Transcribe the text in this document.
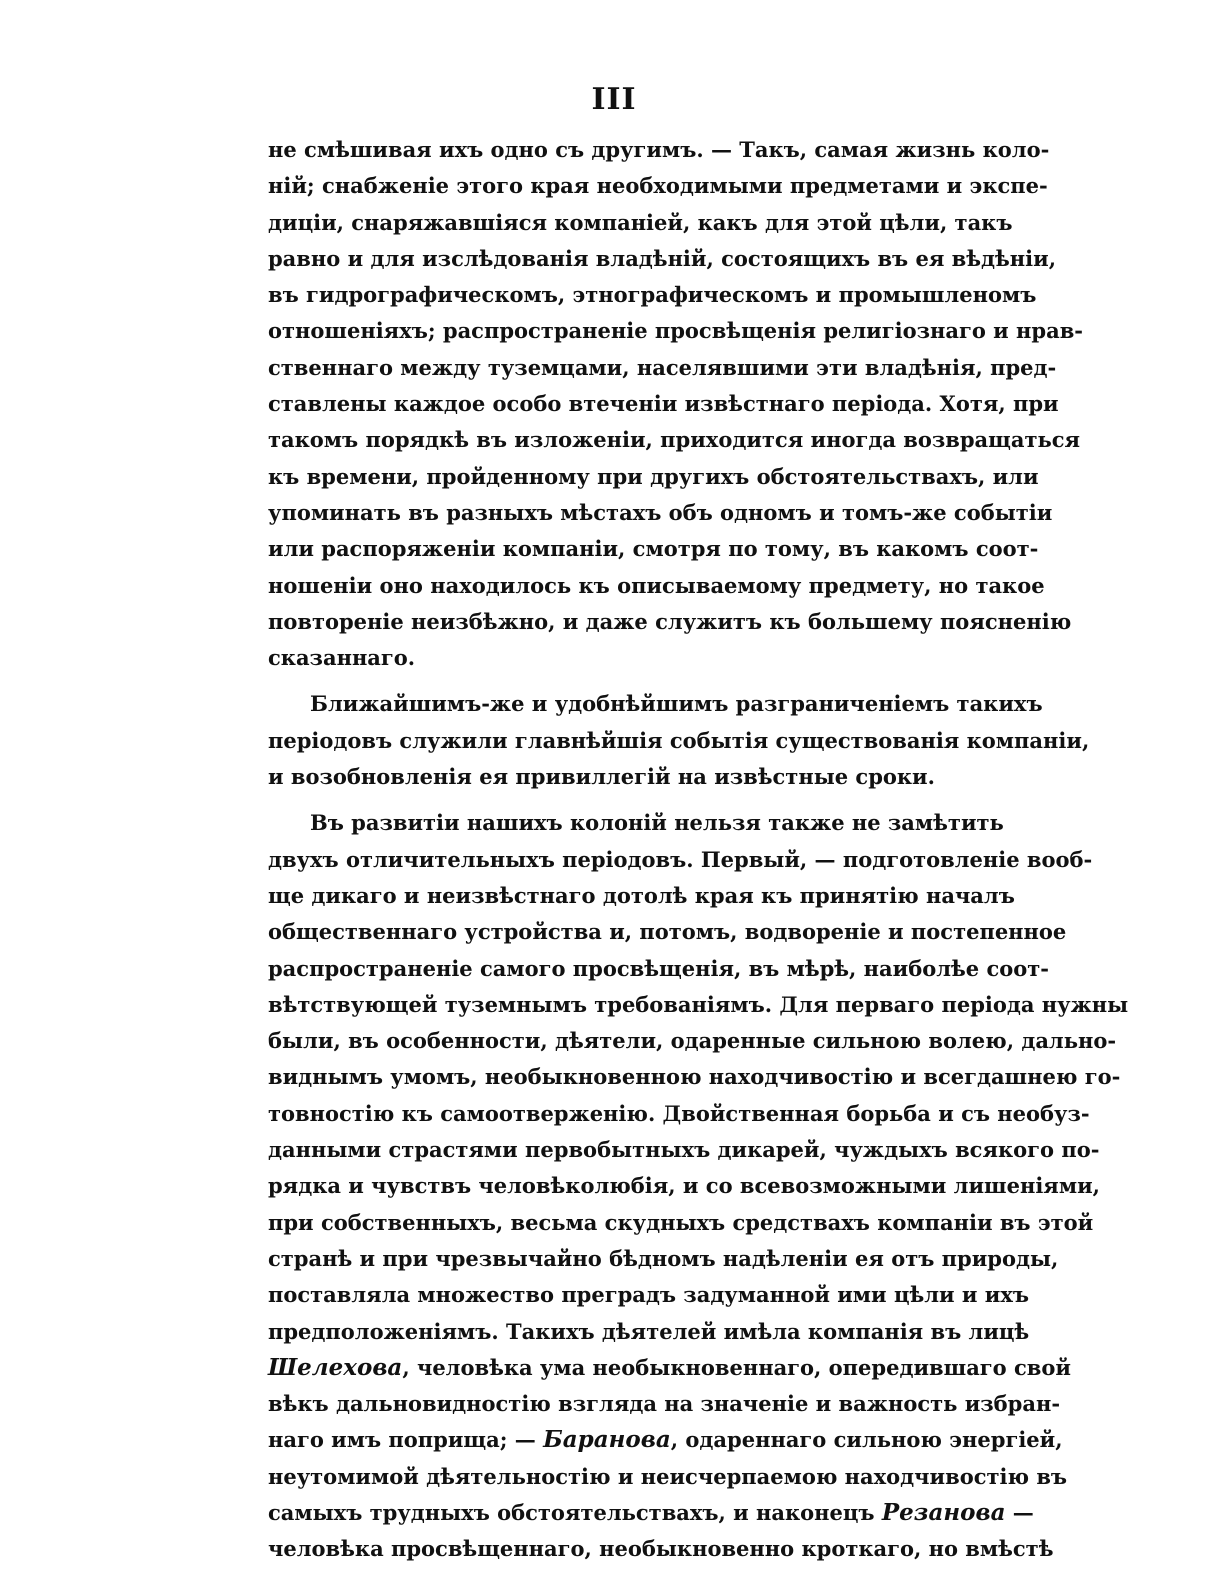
III
не смѣшивая ихъ одно съ другимъ. — Такъ, самая жизнь коло-
ній; снабженіе этого края необходимыми предметами и экспе-
диціи, снаряжавшіяся компаніей, какъ для этой цѣли, такъ
равно и для изслѣдованія владѣній, состоящихъ въ ея вѣдѣніи,
въ гидрографическомъ, этнографическомъ и промышленомъ
отношеніяхъ; распространеніе просвѣщенія религіознаго и нрав-
ственнаго между туземцами, населявшими эти владѣнія, пред-
ставлены каждое особо втеченіи извѣстнаго періода. Хотя, при
такомъ порядкѣ въ изложеніи, приходится иногда возвращаться
къ времени, пройденному при другихъ обстоятельствахъ, или
упоминать въ разныхъ мѣстахъ объ одномъ и томъ-же событіи
или распоряженіи компаніи, смотря по тому, въ какомъ соот-
ношеніи оно находилось къ описываемому предмету, но такое
повтореніе неизбѣжно, и даже служитъ къ большему поясненію
сказаннаго.
Ближайшимъ-же и удобнѣйшимъ разграниченіемъ такихъ
періодовъ служили главнѣйшія событія существованія компаніи,
и возобновленія ея привиллегій на извѣстные сроки.
Въ развитіи нашихъ колоній нельзя также не замѣтить
двухъ отличительныхъ періодовъ. Первый, — подготовленіе вооб-
ще дикаго и неизвѣстнаго дотолѣ края къ принятію началъ
общественнаго устройства и, потомъ, водвореніе и постепенное
распространеніе самого просвѣщенія, въ мѣрѣ, наиболѣе соот-
вѣтствующей туземнымъ требованіямъ. Для перваго періода нужны
были, въ особенности, дѣятели, одаренные сильною волею, дально-
виднымъ умомъ, необыкновенною находчивостію и всегдашнею го-
товностію къ самоотверженію. Двойственная борьба и съ необуз-
данными страстями первобытныхъ дикарей, чуждыхъ всякого по-
рядка и чувствъ человѣколюбія, и со всевозможными лишеніями,
при собственныхъ, весьма скудныхъ средствахъ компаніи въ этой
странѣ и при чрезвычайно бѣдномъ надѣленіи ея отъ природы,
поставляла множество преградъ задуманной ими цѣли и ихъ
предположеніямъ. Такихъ дѣятелей имѣла компанія въ лицѣ
Шелехова, человѣка ума необыкновеннаго, опередившаго свой
вѣкъ дальновидностію взгляда на значеніе и важность избран-
наго имъ поприща; — Баранова, одареннаго сильною энергіей,
неутомимой дѣятельностію и неисчерпаемою находчивостію въ
самыхъ трудныхъ обстоятельствахъ, и наконецъ Резанова —
человѣка просвѣщеннаго, необыкновенно кроткаго, но вмѣстѣ
